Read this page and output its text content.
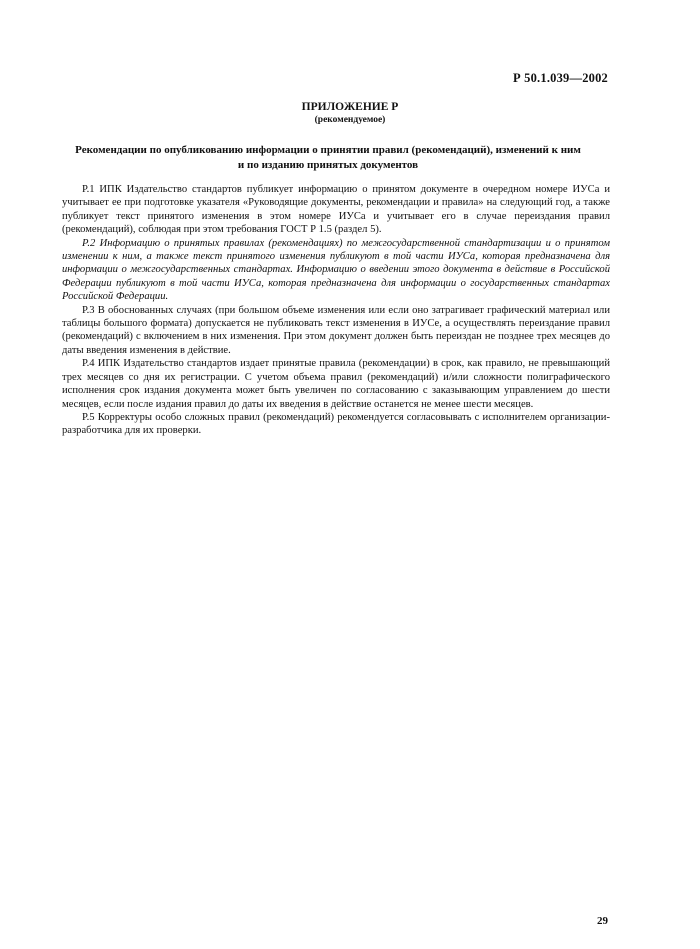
Р 50.1.039—2002
ПРИЛОЖЕНИЕ Р
(рекомендуемое)
Рекомендации по опубликованию информации о принятии правил (рекомендаций), изменений к ним
и по изданию принятых документов

Р.1 ИПК Издательство стандартов публикует информацию о принятом документе в очередном номере ИУСа и учитывает ее при подготовке указателя «Руководящие документы, рекомендации и правила» на следующий год, а также публикует текст принятого изменения в этом номере ИУСа и учитывает его в случае переиздания правил (рекомендаций), соблюдая при этом требования ГОСТ Р 1.5 (раздел 5).

Р.2 Информацию о принятых правилах (рекомендациях) по межгосударственной стандартизации и о принятом изменении к ним, а также текст принятого изменения публикуют в той части ИУСа, которая предназначена для информации о межгосударственных стандартах. Информацию о введении этого документа в действие в Российской Федерации публикуют в той части ИУСа, которая предназначена для информации о государственных стандартах Российской Федерации.

Р.3 В обоснованных случаях (при большом объеме изменения или если оно затрагивает графический материал или таблицы большого формата) допускается не публиковать текст изменения в ИУСе, а осуществлять переиздание правил (рекомендаций) с включением в них изменения. При этом документ должен быть переиздан не позднее трех месяцев до даты введения изменения в действие.

Р.4 ИПК Издательство стандартов издает принятые правила (рекомендации) в срок, как правило, не превышающий трех месяцев со дня их регистрации. С учетом объема правил (рекомендаций) и/или сложности полиграфического исполнения срок издания документа может быть увеличен по согласованию с заказывающим управлением до шести месяцев, если после издания правил до даты их введения в действие останется не менее шести месяцев.

Р.5 Корректуры особо сложных правил (рекомендаций) рекомендуется согласовывать с исполнителем организации-разработчика для их проверки.

29
